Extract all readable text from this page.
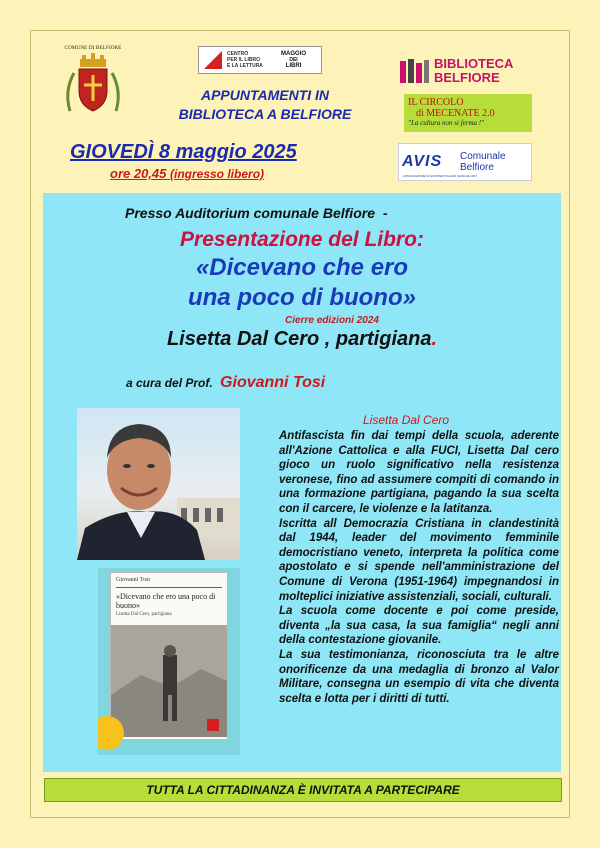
COMUNE DI BELFIORE
CENTRO
PER IL LIBRO
E LA LETTURA
MAGGIO
DEI
LIBRI
APPUNTAMENTI IN
BIBLIOTECA A BELFIORE
BIBLIOTECA
BELFIORE
IL CIRCOLO
di MECENATE 2.0
"La cultura non si ferma !"
AVIS	Comunale
Belfiore
ASSOCIAZIONE VOLONTARI ITALIANI SANGUE ODV
GIOVEDÌ 8 maggio 2025
ore 20,45 (ingresso libero)
Presso Auditorium comunale Belfiore -
Presentazione del Libro:
«Dicevano che ero
una poco di buono»
Cierre edizioni 2024
Lisetta Dal Cero , partigiana.
a cura del Prof. Giovanni Tosi
Giovanni Tosi
«Dicevano che ero una poco di buono»
Lisetta Dal Cero, partigiana
Lisetta Dal Cero

Antifascista fin dai tempi della scuola, aderente all'Azione Cattolica e alla FUCI, Lisetta Dal cero gioco un ruolo significativo nella resistenza veronese, fino ad assumere compiti di comando in una formazione partigiana, pagando la sua scelta con il carcere, le violenze e la latitanza.

Iscritta all Democrazia Cristiana in clandestinità dal 1944, leader del movimento femminile democristiano veneto, interpreta la politica come apostolato e si spende nell'amministrazione del Comune di Verona (1951-1964) impegnandosi in molteplici iniziative assistenziali, sociali, culturali.

La scuola come docente e poi come preside, diventa „la sua casa, la sua famiglia“ negli anni della contestazione giovanile.

La sua testimonianza, riconosciuta tra le altre onorificenze da una medaglia di bronzo al Valor Militare, consegna un esempio di vita che diventa scelta e lotta per i diritti di tutti.

TUTTA LA CITTADINANZA È INVITATA A PARTECIPARE
